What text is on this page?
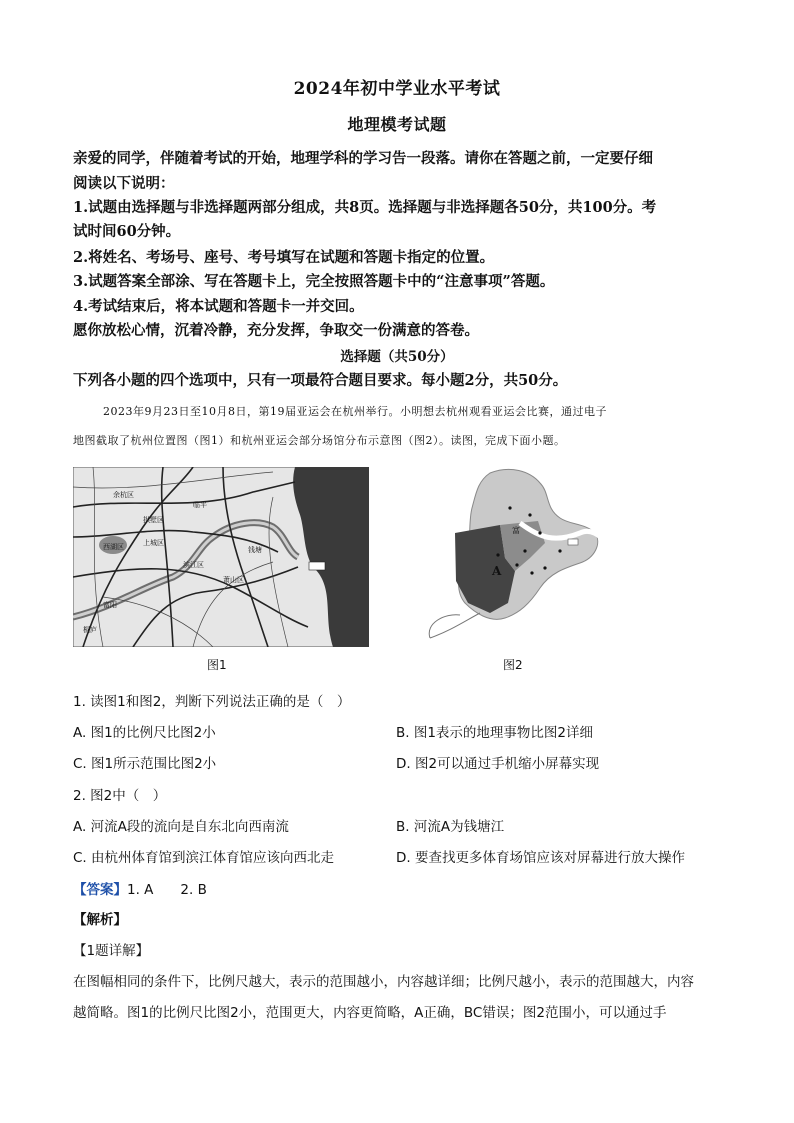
2024年初中学业水平考试
地理模考试题
亲爱的同学，伴随着考试的开始，地理学科的学习告一段落。请你在答题之前，一定要仔细
阅读以下说明：
1.试题由选择题与非选择题两部分组成，共8页。选择题与非选择题各50分，共100分。考
试时间60分钟。
2.将姓名、考场号、座号、考号填写在试题和答题卡指定的位置。
3.试题答案全部涂、写在答题卡上，完全按照答题卡中的“注意事项”答题。
4.考试结束后，将本试题和答题卡一并交回。
愿你放松心情，沉着冷静，充分发挥，争取交一份满意的答卷。
选择题（共50分）
下列各小题的四个选项中，只有一项最符合题目要求。每小题2分，共50分。
2023年9月23日至10月8日，第19届亚运会在杭州举行。小明想去杭州观看亚运会比赛，通过电子
地图截取了杭州位置图（图1）和杭州亚运会部分场馆分布示意图（图2）。读图，完成下面小题。
西湖区
萧山区
滨江区
余杭区
钱塘
桐庐
富阳
临平
上城区
拱墅区
图1
A
富
图2
1. 读图1和图2，判断下列说法正确的是（　）
A. 图1的比例尺比图2小	B. 图1表示的地理事物比图2详细
C. 图1所示范围比图2小	D. 图2可以通过手机缩小屏幕实现
2. 图2中（　）
A. 河流A段的流向是自东北向西南流	B. 河流A为钱塘江
C. 由杭州体育馆到滨江体育馆应该向西北走	D. 要查找更多体育场馆应该对屏幕进行放大操作
【答案】1. A　　2. B
【解析】
【1题详解】
在图幅相同的条件下，比例尺越大，表示的范围越小，内容越详细；比例尺越小，表示的范围越大，内容
越简略。图1的比例尺比图2小，范围更大，内容更简略，A正确，BC错误；图2范围小，可以通过手
